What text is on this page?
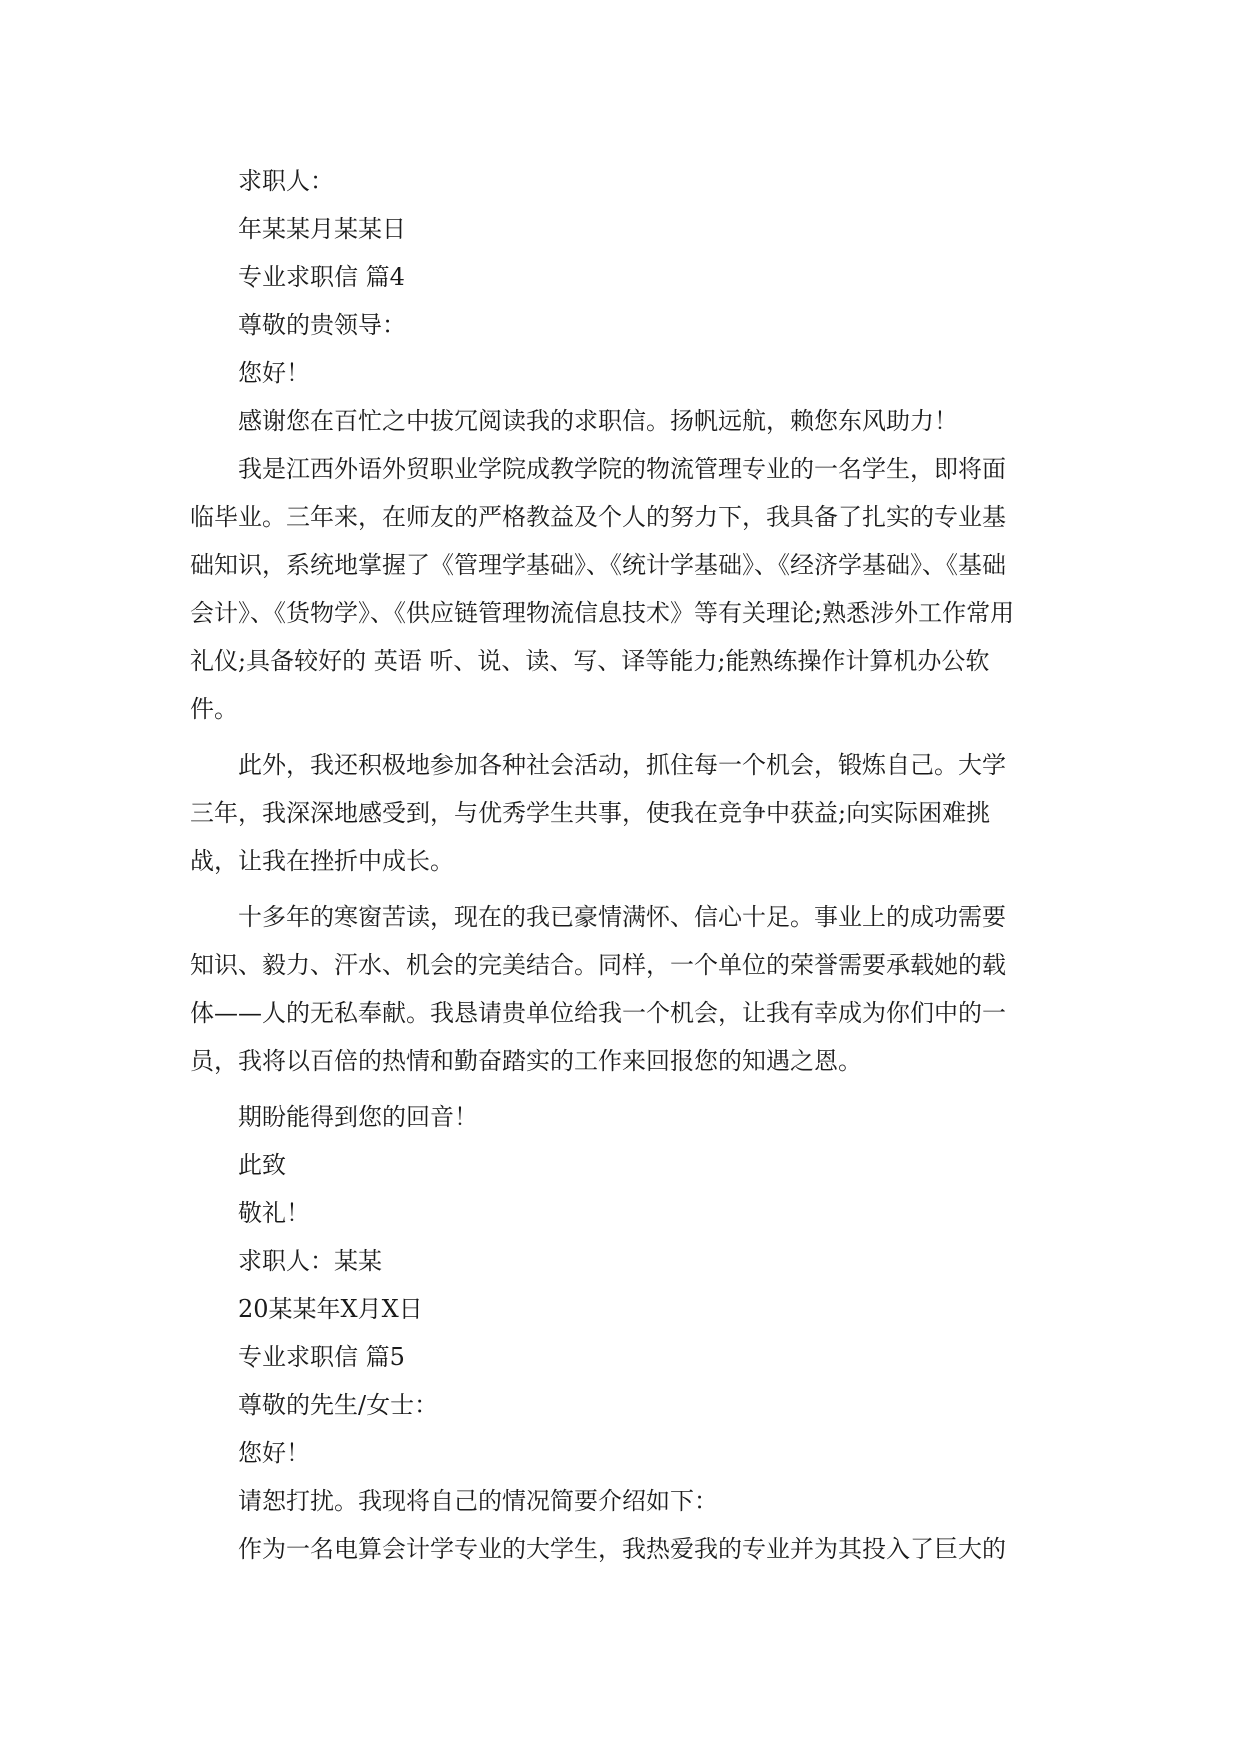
求职人：
年某某月某某日
专业求职信 篇4
尊敬的贵领导：
您好！
感谢您在百忙之中拔冗阅读我的求职信。扬帆远航，赖您东风助力！
我是江西外语外贸职业学院成教学院的物流管理专业的一名学生，即将面
临毕业。三年来，在师友的严格教益及个人的努力下，我具备了扎实的专业基
础知识，系统地掌握了《管理学基础》、《统计学基础》、《经济学基础》、《基础
会计》、《货物学》、《供应链管理物流信息技术》等有关理论;熟悉涉外工作常用
礼仪;具备较好的 英语 听、说、读、写、译等能力;能熟练操作计算机办公软
件。
此外，我还积极地参加各种社会活动，抓住每一个机会，锻炼自己。大学
三年，我深深地感受到，与优秀学生共事，使我在竞争中获益;向实际困难挑
战，让我在挫折中成长。
十多年的寒窗苦读，现在的我已豪情满怀、信心十足。事业上的成功需要
知识、毅力、汗水、机会的完美结合。同样，一个单位的荣誉需要承载她的载
体——人的无私奉献。我恳请贵单位给我一个机会，让我有幸成为你们中的一
员，我将以百倍的热情和勤奋踏实的工作来回报您的知遇之恩。
期盼能得到您的回音！
此致
敬礼！
求职人：某某
20某某年X月X日
专业求职信 篇5
尊敬的先生/女士：
您好！
请恕打扰。我现将自己的情况简要介绍如下：
作为一名电算会计学专业的大学生，我热爱我的专业并为其投入了巨大的
